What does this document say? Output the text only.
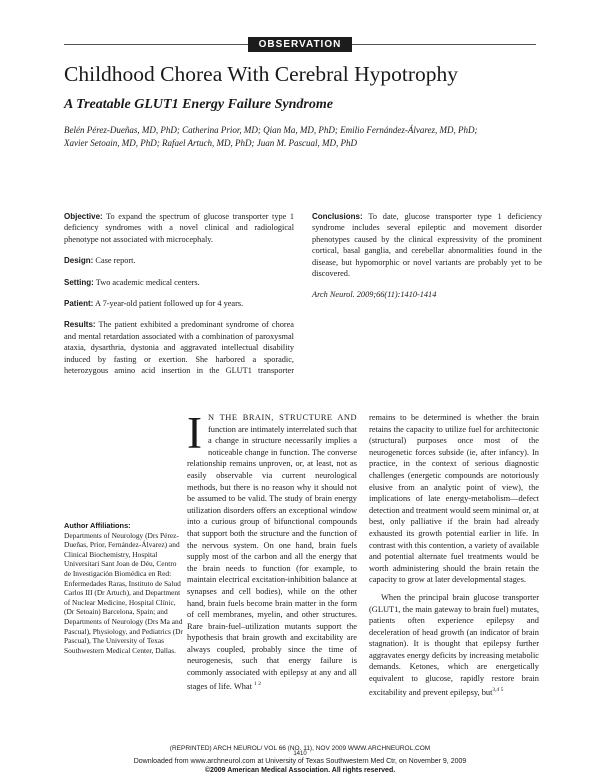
OBSERVATION
Childhood Chorea With Cerebral Hypotrophy
A Treatable GLUT1 Energy Failure Syndrome
Belén Pérez-Dueñas, MD, PhD; Catherina Prior, MD; Qian Ma, MD, PhD; Emilio Fernández-Álvarez, MD, PhD;
Xavier Setoain, MD, PhD; Rafael Artuch, MD, PhD; Juan M. Pascual, MD, PhD

Objective: To expand the spectrum of glucose transporter type 1 deficiency syndromes with a novel clinical and radiological phenotype not associated with microcephaly.

Design: Case report.

Setting: Two academic medical centers.

Patient: A 7-year-old patient followed up for 4 years.

Results: The patient exhibited a predominant syndrome of chorea and mental retardation associated with a combination of paroxysmal ataxia, dysarthria, dystonia and aggravated intellectual disability induced by fasting or exertion. She harbored a sporadic, heterozygous amino acid insertion in the GLUT1 transporter

Conclusions: To date, glucose transporter type 1 deficiency syndrome includes several epileptic and movement disorder phenotypes caused by the clinical expressivity of the prominent cortical, basal ganglia, and cerebellar abnormalities found in the disease, but hypomorphic or novel variants are probably yet to be discovered.

Arch Neurol. 2009;66(11):1410-1414

Author Affiliations:
Departments of Neurology (Drs Pérez-Dueñas, Prior, Fernández-Álvarez) and Clinical Biochemistry, Hospital Universitari Sant Joan de Déu, Centro de Investigación Biomédica en Red: Enfermedades Raras, Instituto de Salud Carlos III (Dr Artuch), and Department of Nuclear Medicine, Hospital Clínic, (Dr Setoain) Barcelona, Spain; and Departments of Neurology (Drs Ma and Pascual), Physiology, and Pediatrics (Dr Pascual), The University of Texas Southwestern Medical Center, Dallas.

I N THE BRAIN, STRUCTURE AND function are intimately interrelated such that a change in structure necessarily implies a noticeable change in function. The converse relationship remains unproven, or, at least, not as easily observable via current neurological methods, but there is no reason why it should not be assumed to be valid. The study of brain energy utilization disorders offers an exceptional window into a curious group of bifunctional compounds that support both the structure and the function of the nervous system. On one hand, brain fuels supply most of the carbon and all the energy that the brain needs to function (for example, to maintain electrical excitation-inhibition balance at synapses and cell bodies), while on the other hand, brain fuels become brain matter in the form of cell membranes, myelin, and other structures. Rare brain-fuel–utilization mutants support the hypothesis that brain growth and excitability are always coupled, probably since the time of neurogenesis, such that energy failure is commonly associated with epilepsy at any and all stages of life. What $^1$ $^2$

remains to be determined is whether the brain retains the capacity to utilize fuel for architectonic (structural) purposes once most of the neurogenetic forces subside (ie, after infancy). In practice, in the context of serious diagnostic challenges (energetic compounds are notoriously elusive from an analytic point of view), the implications of late energy-metabolism—defect detection and treatment would seem minimal or, at best, only palliative if the brain had already exhausted its growth potential earlier in life. In contrast with this contention, a variety of available and potential alternate fuel treatments would be worth administering should the brain retain the capacity to grow at later developmental stages.

When the principal brain glucose transporter (GLUT1, the main gateway to brain fuel) mutates, patients often experience epilepsy and deceleration of head growth (an indicator of brain stagnation). It is thought that epilepsy further aggravates energy deficits by increasing metabolic demands. Ketones, which are energetically equivalent to glucose, rapidly restore brain excitability and prevent epilepsy, but$^{3,4}$ $^5$

(REPRINTED) ARCH NEUROL/ VOL 66 (NO. 11), NOV 2009 WWW.ARCHNEUROL.COM
1410
Downloaded from www.archneurol.com at University of Texas Southwestern Med Ctr, on November 9, 2009
©2009 American Medical Association. All rights reserved.
